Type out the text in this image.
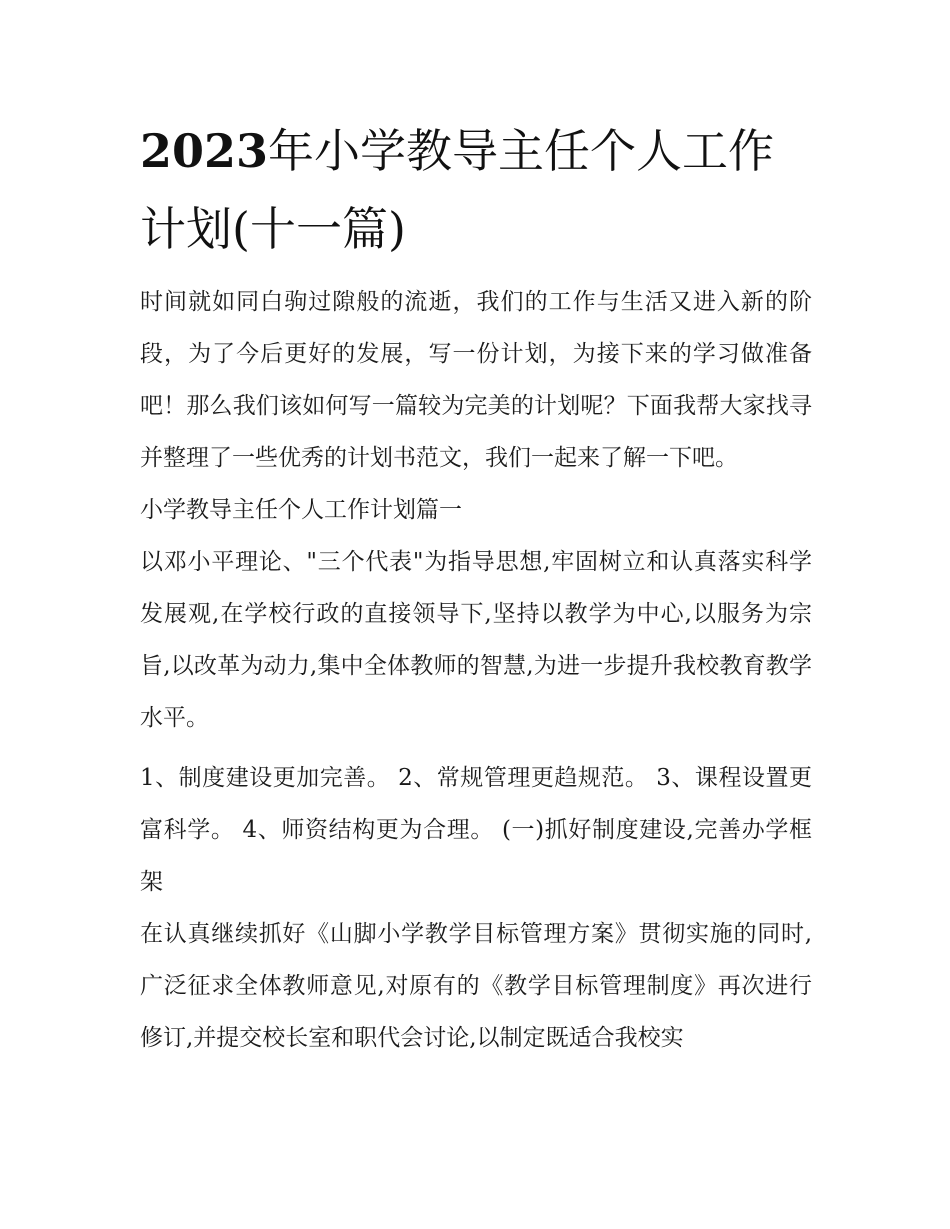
2023年小学教导主任个人工作
计划(十一篇)

时间就如同白驹过隙般的流逝，我们的工作与生活又进入新的阶段，为了今后更好的发展，写一份计划，为接下来的学习做准备吧！那么我们该如何写一篇较为完美的计划呢？下面我帮大家找寻并整理了一些优秀的计划书范文，我们一起来了解一下吧。

小学教导主任个人工作计划篇一

以邓小平理论、"三个代表"为指导思想,牢固树立和认真落实科学发展观,在学校行政的直接领导下,坚持以教学为中心,以服务为宗旨,以改革为动力,集中全体教师的智慧,为进一步提升我校教育教学水平。

1、制度建设更加完善。 2、常规管理更趋规范。 3、课程设置更富科学。 4、师资结构更为合理。 (一)抓好制度建设,完善办学框架

在认真继续抓好《山脚小学教学目标管理方案》贯彻实施的同时,广泛征求全体教师意见,对原有的《教学目标管理制度》再次进行修订,并提交校长室和职代会讨论,以制定既适合我校实
